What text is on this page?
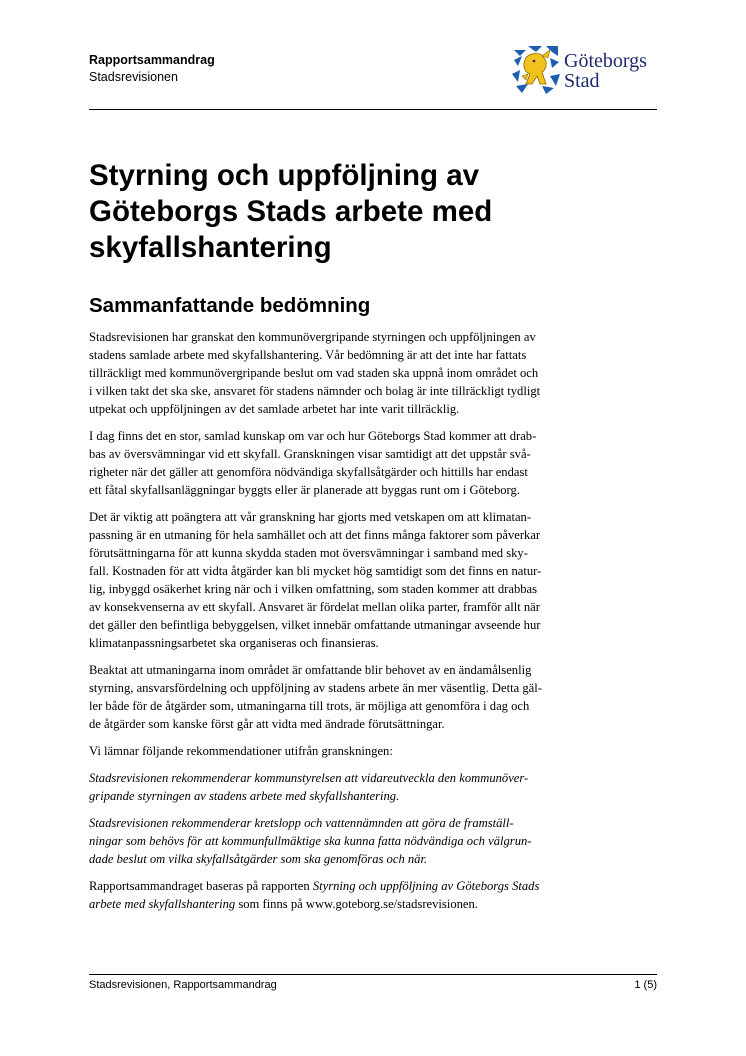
Rapportsammandrag
Stadsrevisionen
Göteborgs
Stad
Styrning och uppföljning av
Göteborgs Stads arbete med
skyfallshantering
Sammanfattande bedömning

Stadsrevisionen har granskat den kommunövergripande styrningen och uppföljningen av
stadens samlade arbete med skyfallshantering. Vår bedömning är att det inte har fattats
tillräckligt med kommunövergripande beslut om vad staden ska uppnå inom området och
i vilken takt det ska ske, ansvaret för stadens nämnder och bolag är inte tillräckligt tydligt
utpekat och uppföljningen av det samlade arbetet har inte varit tillräcklig.

I dag finns det en stor, samlad kunskap om var och hur Göteborgs Stad kommer att drab-
bas av översvämningar vid ett skyfall. Granskningen visar samtidigt att det uppstår svå-
righeter när det gäller att genomföra nödvändiga skyfallsåtgärder och hittills har endast
ett fåtal skyfallsanläggningar byggts eller är planerade att byggas runt om i Göteborg.

Det är viktig att poängtera att vår granskning har gjorts med vetskapen om att klimatan-
passning är en utmaning för hela samhället och att det finns många faktorer som påverkar
förutsättningarna för att kunna skydda staden mot översvämningar i samband med sky-
fall. Kostnaden för att vidta åtgärder kan bli mycket hög samtidigt som det finns en natur-
lig, inbyggd osäkerhet kring när och i vilken omfattning, som staden kommer att drabbas
av konsekvenserna av ett skyfall. Ansvaret är fördelat mellan olika parter, framför allt när
det gäller den befintliga bebyggelsen, vilket innebär omfattande utmaningar avseende hur
klimatanpassningsarbetet ska organiseras och finansieras.

Beaktat att utmaningarna inom området är omfattande blir behovet av en ändamålsenlig
styrning, ansvarsfördelning och uppföljning av stadens arbete än mer väsentlig. Detta gäl-
ler både för de åtgärder som, utmaningarna till trots, är möjliga att genomföra i dag och
de åtgärder som kanske först går att vidta med ändrade förutsättningar.

Vi lämnar följande rekommendationer utifrån granskningen:

Stadsrevisionen rekommenderar kommunstyrelsen att vidareutveckla den kommunöver-
gripande styrningen av stadens arbete med skyfallshantering.

Stadsrevisionen rekommenderar kretslopp och vattennämnden att göra de framställ-
ningar som behövs för att kommunfullmäktige ska kunna fatta nödvändiga och välgrun-
dade beslut om vilka skyfallsåtgärder som ska genomföras och när.

Rapportsammandraget baseras på rapporten Styrning och uppföljning av Göteborgs Stads
arbete med skyfallshantering som finns på www.goteborg.se/stadsrevisionen.

Stadsrevisionen, Rapportsammandrag	1 (5)
